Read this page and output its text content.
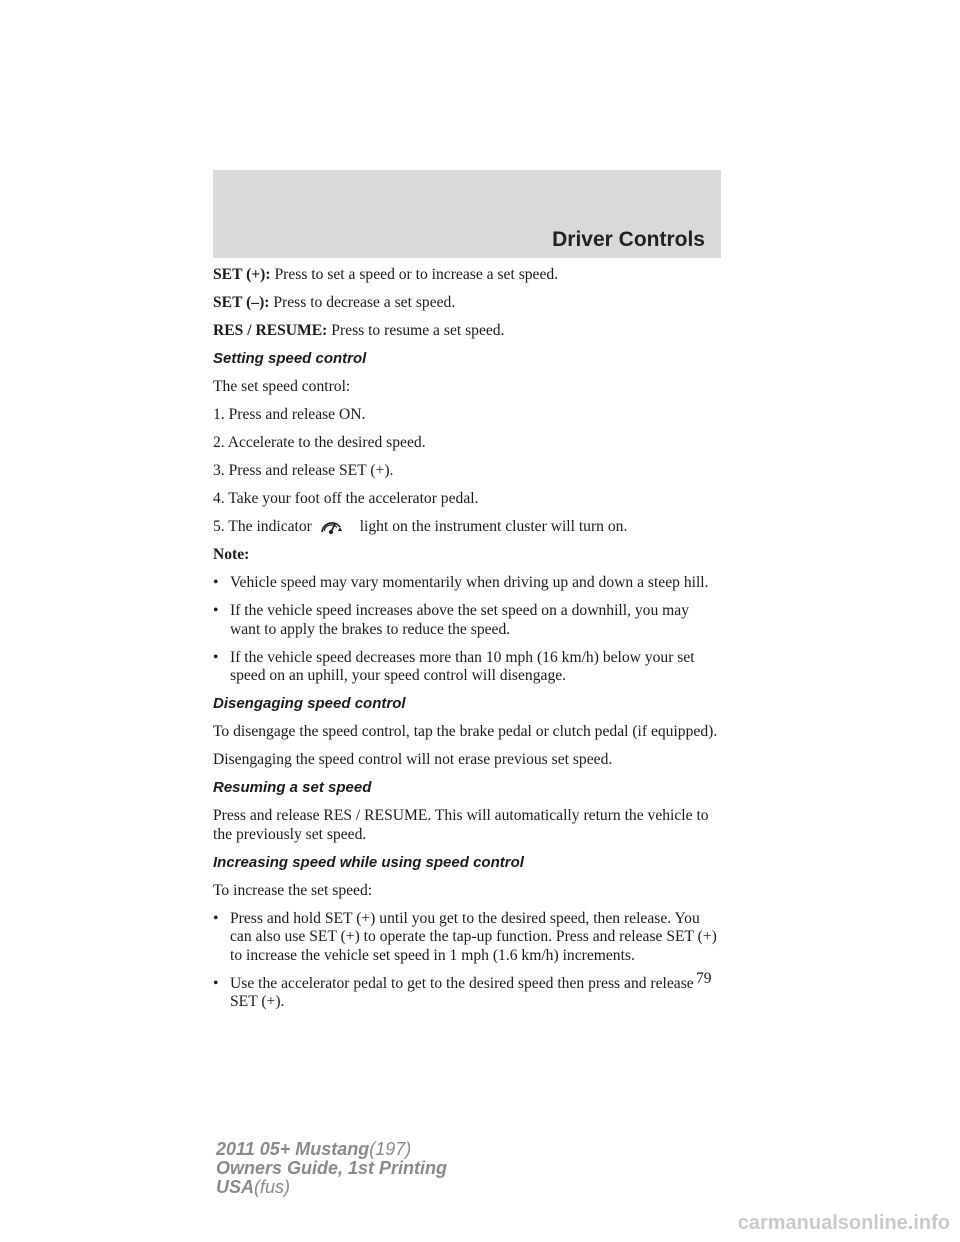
Driver Controls

SET (+): Press to set a speed or to increase a set speed.

SET (–): Press to decrease a set speed.

RES / RESUME: Press to resume a set speed.

Setting speed control

The set speed control:

1. Press and release ON.

2. Accelerate to the desired speed.

3. Press and release SET (+).

4. Take your foot off the accelerator pedal.

5. The indicator	light on the instrument cluster will turn on.

Note:

• Vehicle speed may vary momentarily when driving up and down a steep hill.
• If the vehicle speed increases above the set speed on a downhill, you may want to apply the brakes to reduce the speed.
• If the vehicle speed decreases more than 10 mph (16 km/h) below your set speed on an uphill, your speed control will disengage.
Disengaging speed control

To disengage the speed control, tap the brake pedal or clutch pedal (if equipped).

Disengaging the speed control will not erase previous set speed.

Resuming a set speed

Press and release RES / RESUME. This will automatically return the vehicle to the previously set speed.

Increasing speed while using speed control

To increase the set speed:

• Press and hold SET (+) until you get to the desired speed, then release. You can also use SET (+) to operate the tap-up function. Press and release SET (+) to increase the vehicle set speed in 1 mph (1.6 km/h) increments.
• Use the accelerator pedal to get to the desired speed then press and release SET (+).
79
2011 05+ Mustang(197)
Owners Guide, 1st Printing
USA(fus)
carmanualsonline.info
